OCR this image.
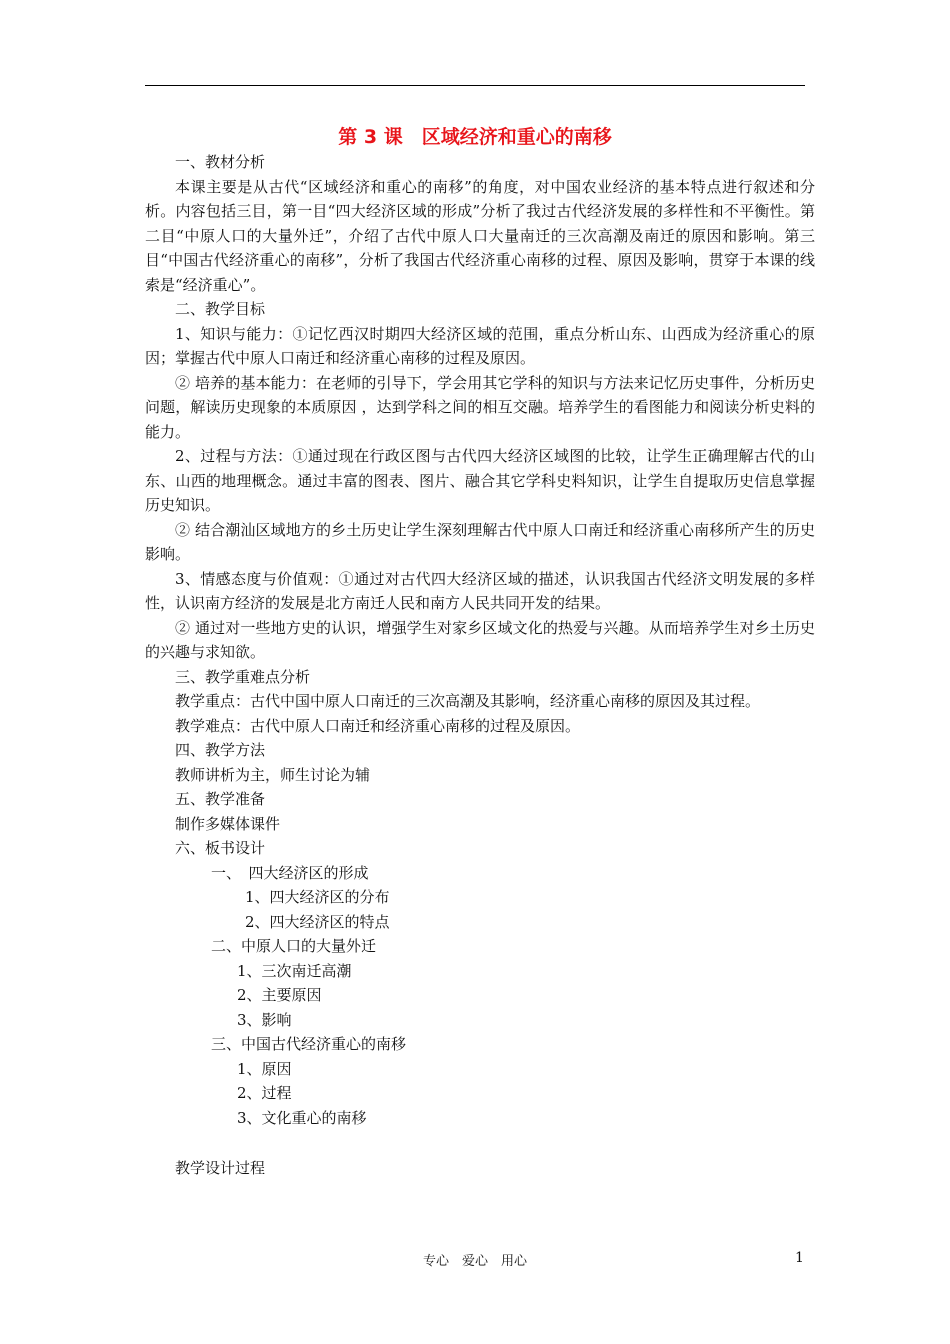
第 3 课　区域经济和重心的南移

一、教材分析

本课主要是从古代“区域经济和重心的南移”的角度，对中国农业经济的基本特点进行叙述和分析。内容包括三目，第一目“四大经济区域的形成”分析了我过古代经济发展的多样性和不平衡性。第二目“中原人口的大量外迁”，介绍了古代中原人口大量南迁的三次高潮及南迁的原因和影响。第三目“中国古代经济重心的南移”，分析了我国古代经济重心南移的过程、原因及影响，贯穿于本课的线索是“经济重心”。

二、教学目标

1、知识与能力：①记忆西汉时期四大经济区域的范围，重点分析山东、山西成为经济重心的原因；掌握古代中原人口南迁和经济重心南移的过程及原因。

② 培养的基本能力：在老师的引导下，学会用其它学科的知识与方法来记忆历史事件，分析历史问题，解读历史现象的本质原因 ，达到学科之间的相互交融。培养学生的看图能力和阅读分析史料的能力。

2、过程与方法：①通过现在行政区图与古代四大经济区域图的比较，让学生正确理解古代的山东、山西的地理概念。通过丰富的图表、图片、融合其它学科史料知识，让学生自提取历史信息掌握历史知识。

② 结合潮汕区域地方的乡土历史让学生深刻理解古代中原人口南迁和经济重心南移所产生的历史影响。

3、情感态度与价值观：①通过对古代四大经济区域的描述，认识我国古代经济文明发展的多样性，认识南方经济的发展是北方南迁人民和南方人民共同开发的结果。

② 通过对一些地方史的认识，增强学生对家乡区域文化的热爱与兴趣。从而培养学生对乡土历史的兴趣与求知欲。

三、教学重难点分析

教学重点：古代中国中原人口南迁的三次高潮及其影响，经济重心南移的原因及其过程。

教学难点：古代中原人口南迁和经济重心南移的过程及原因。

四、教学方法

教师讲析为主，师生讨论为辅

五、教学准备

制作多媒体课件

六、板书设计

一、　四大经济区的形成

1、四大经济区的分布

2、四大经济区的特点

二、中原人口的大量外迁

1、三次南迁高潮

2、主要原因

3、影响

三、中国古代经济重心的南移

1、原因

2、过程

3、文化重心的南移

教学设计过程

专心　爱心　用心	1
